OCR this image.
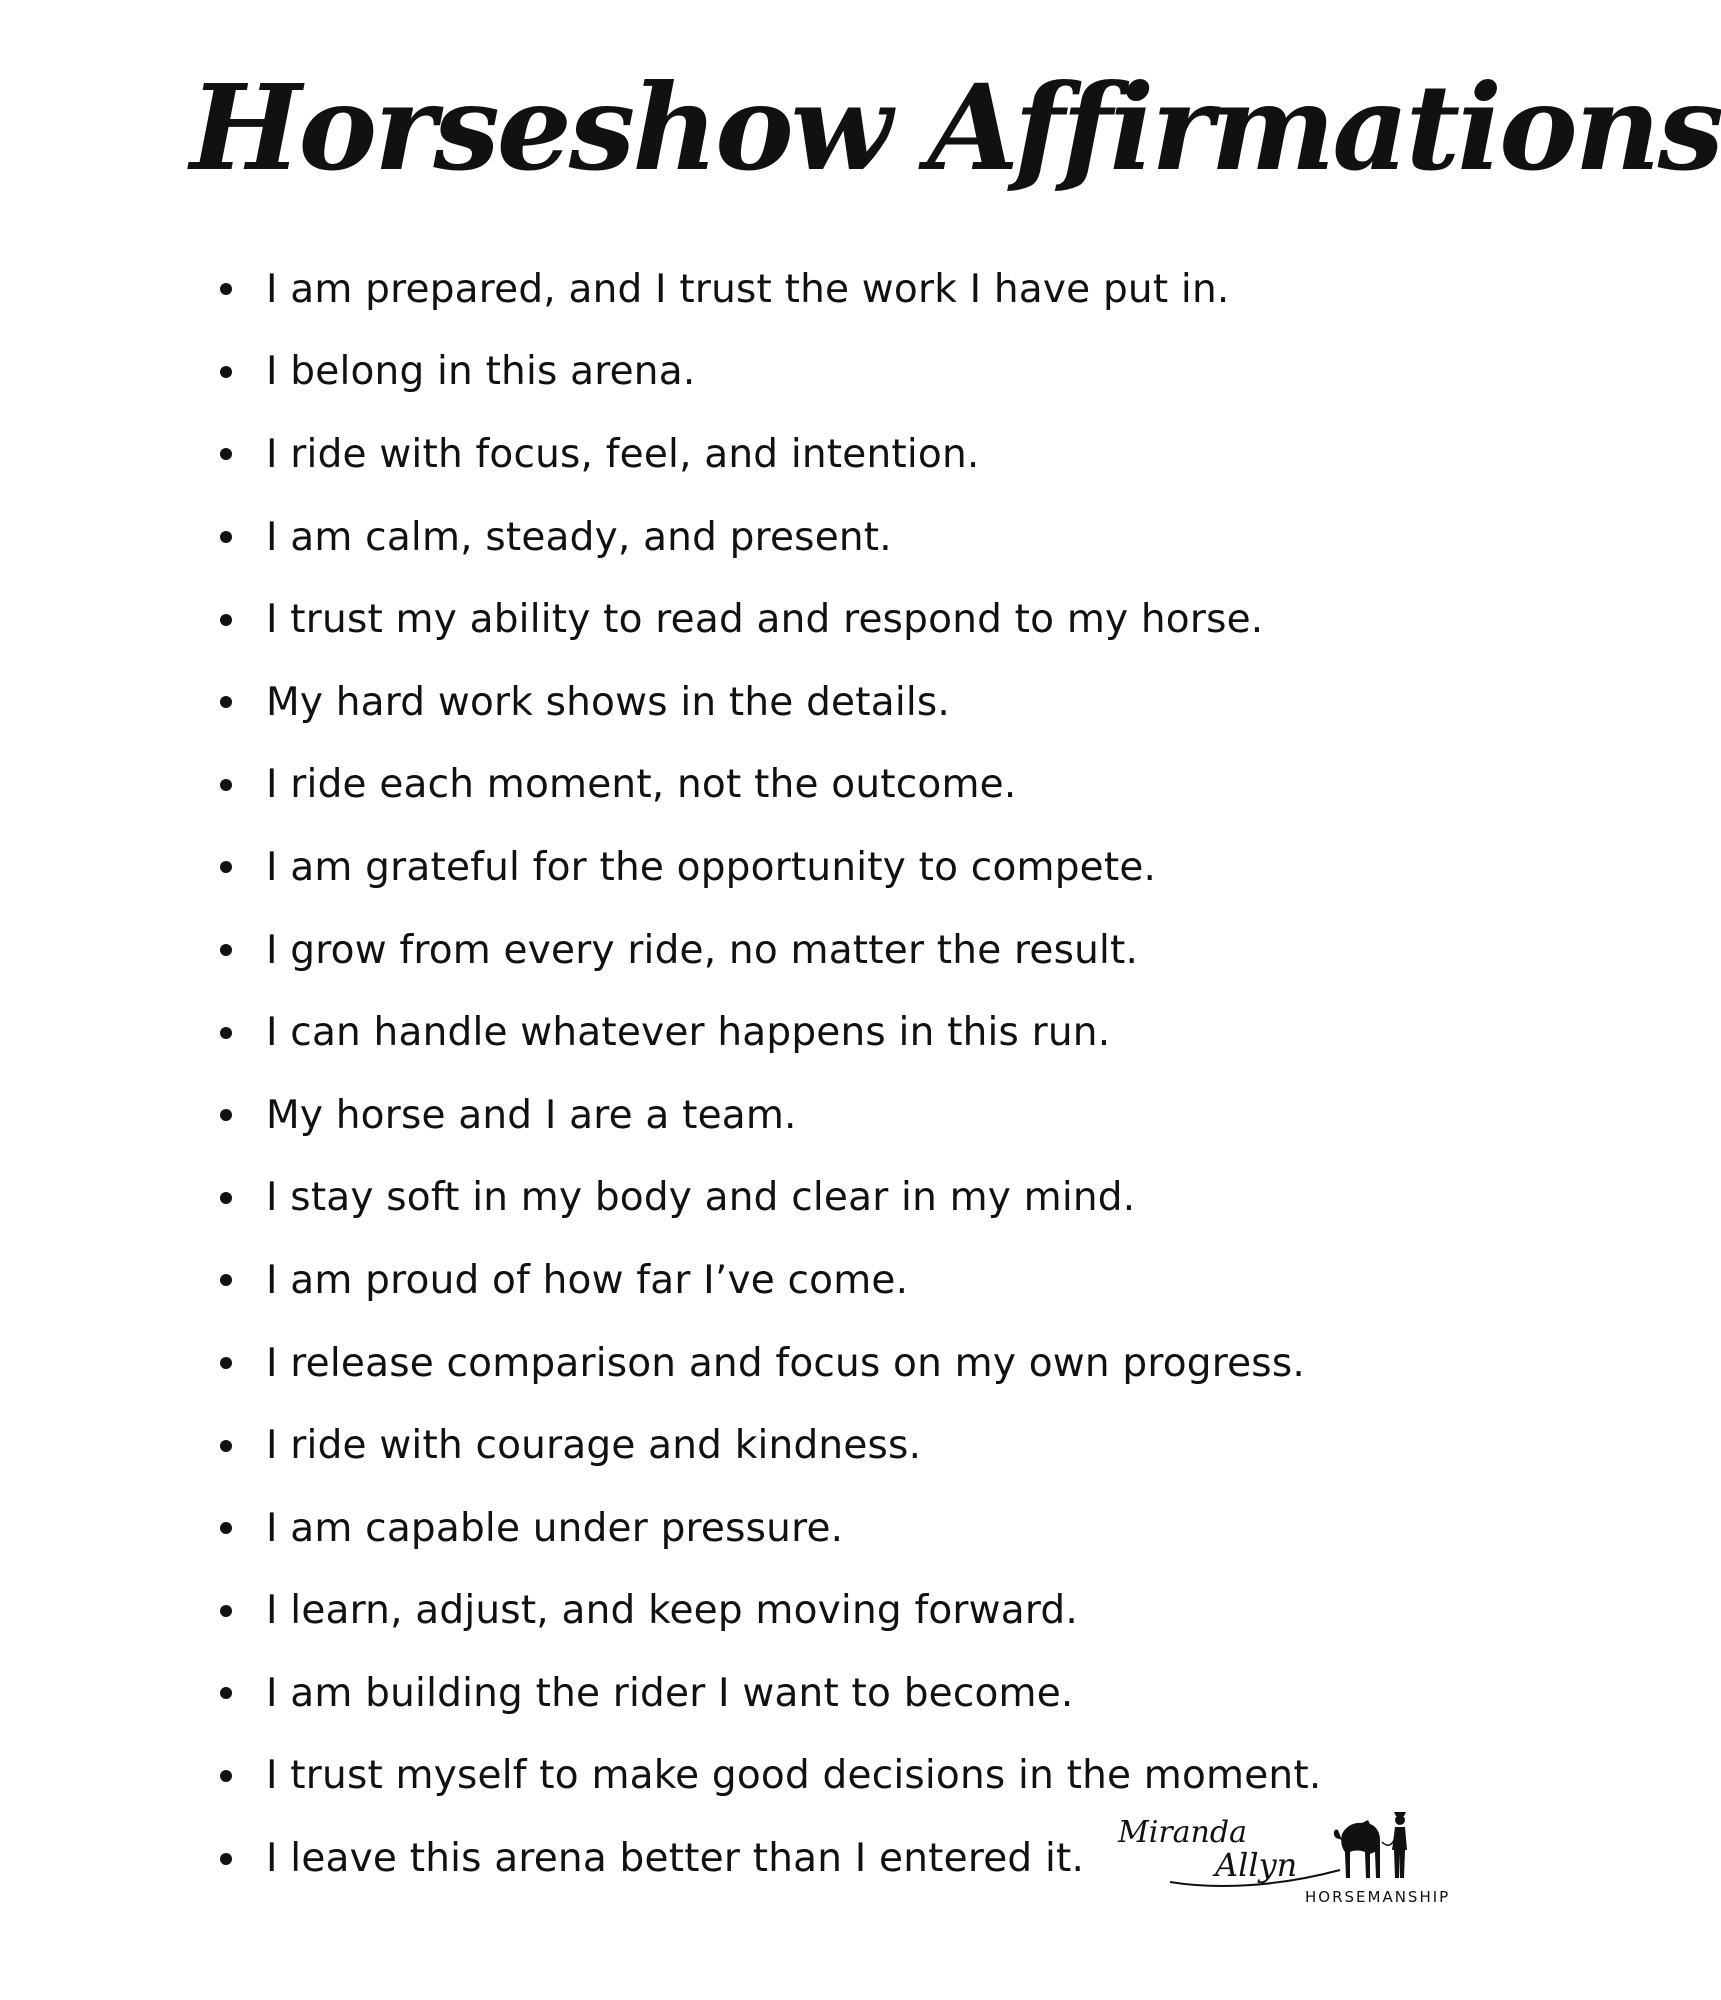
Horseshow Affirmations
I am prepared, and I trust the work I have put in.
I belong in this arena.
I ride with focus, feel, and intention.
I am calm, steady, and present.
I trust my ability to read and respond to my horse.
My hard work shows in the details.
I ride each moment, not the outcome.
I am grateful for the opportunity to compete.
I grow from every ride, no matter the result.
I can handle whatever happens in this run.
My horse and I are a team.
I stay soft in my body and clear in my mind.
I am proud of how far I’ve come.
I release comparison and focus on my own progress.
I ride with courage and kindness.
I am capable under pressure.
I learn, adjust, and keep moving forward.
I am building the rider I want to become.
I trust myself to make good decisions in the moment.
I leave this arena better than I entered it.
Miranda
Allyn
HORSEMANSHIP
